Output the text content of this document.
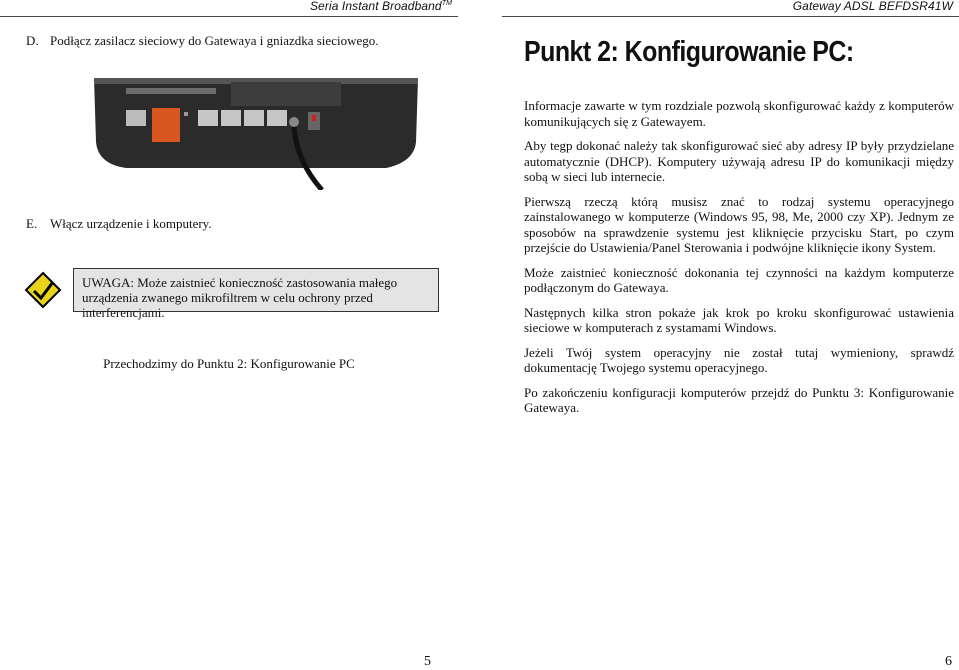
Seria Instant Broadband™	Gateway ADSL BEFDSR41W
D. Podłącz zasilacz sieciowy do Gatewaya i gniazdka sieciowego.
E. Włącz urządzenie i komputery.
UWAGA: Może zaistnieć konieczność zastosowania małego urządzenia zwanego mikrofiltrem w celu ochrony przed interferencjami.
Przechodzimy do Punktu 2: Konfigurowanie PC
5
Punkt 2: Konfigurowanie PC:

Informacje zawarte w tym rozdziale pozwolą skonfigurować każdy z komputerów komunikujących się z Gatewayem.

Aby tegp dokonać należy tak skonfigurować sieć aby adresy IP były przydzielane automatycznie (DHCP). Komputery używają adresu IP do komunikacji między sobą w sieci lub internecie.

Pierwszą rzeczą którą musisz znać to rodzaj systemu operacyjnego zainstalowanego w komputerze (Windows 95, 98, Me, 2000 czy XP). Jednym ze sposobów na sprawdzenie systemu jest kliknięcie przycisku Start, po czym przejście do Ustawienia/Panel Sterowania i podwójne kliknięcie ikony System.

Może zaistnieć konieczność dokonania tej czynności na każdym komputerze podłączonym do Gatewaya.

Następnych kilka stron pokaże jak krok po kroku skonfigurować ustawienia sieciowe w komputerach z systamami Windows.

Jeżeli Twój system operacyjny nie został tutaj wymieniony, sprawdź dokumentację Twojego systemu operacyjnego.

Po zakończeniu konfiguracji komputerów przejdź do Punktu 3: Konfigurowanie Gatewaya.

6
